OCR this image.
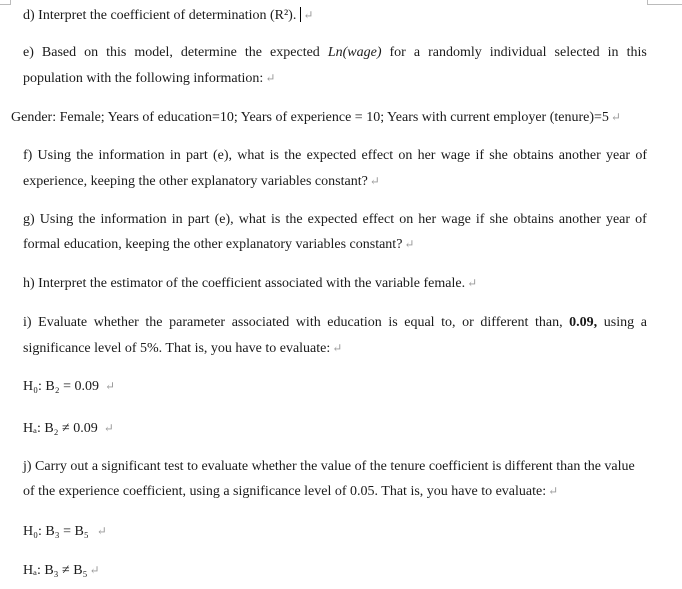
d) Interpret the coefficient of determination (R²). ↵
e) Based on this model, determine the expected Ln(wage) for a randomly individual selected in this
population with the following information: ↵
Gender: Female; Years of education=10; Years of experience = 10; Years with current employer (tenure)=5 ↵
f) Using the information in part (e), what is the expected effect on her wage if she obtains another year of
experience, keeping the other explanatory variables constant? ↵
g) Using the information in part (e), what is the expected effect on her wage if she obtains another year of
formal education, keeping the other explanatory variables constant? ↵
h) Interpret the estimator of the coefficient associated with the variable female. ↵
i) Evaluate whether the parameter associated with education is equal to, or different than, 0.09, using a
significance level of 5%. That is, you have to evaluate: ↵
H₀: B₂ = 0.09 ↵
Hₐ: B₂ ≠ 0.09 ↵
j) Carry out a significant test to evaluate whether the value of the tenure coefficient is different than the value
of the experience coefficient, using a significance level of 0.05. That is, you have to evaluate: ↵
H₀: B₃ = B₅ ↵
Hₐ: B₃ ≠ B₅ ↵
